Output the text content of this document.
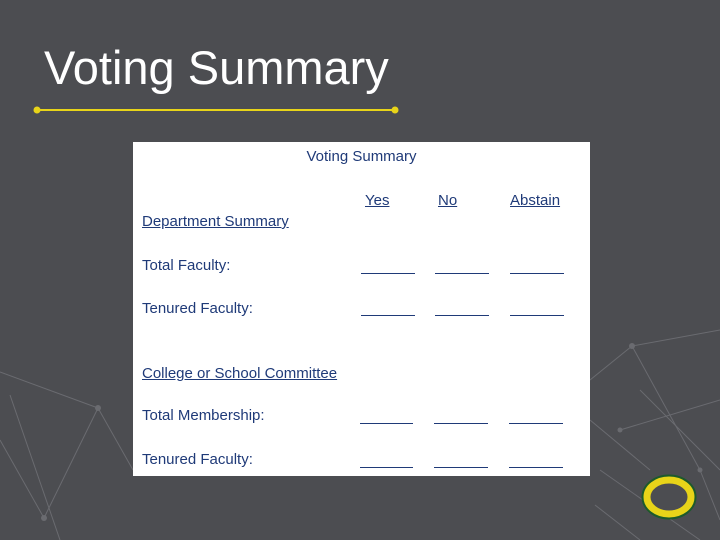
Voting Summary
Voting Summary
Yes	No	Abstain
Department Summary
Total Faculty:
Tenured Faculty:
College or School Committee
Total Membership:
Tenured Faculty:
